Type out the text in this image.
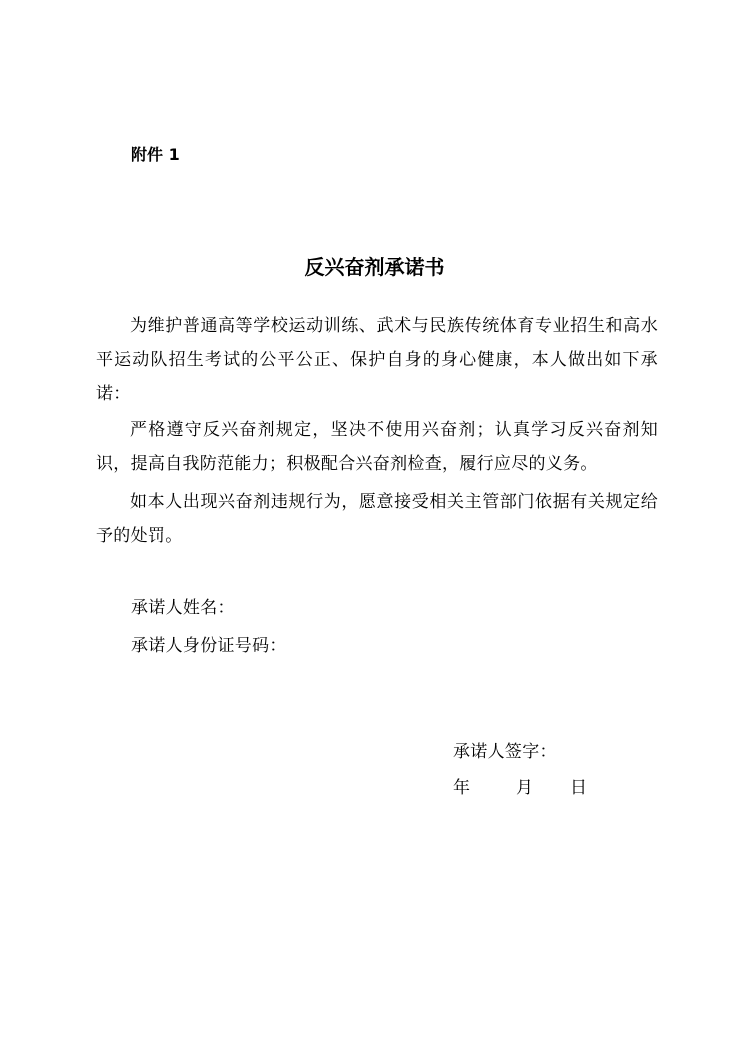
附件 1
反兴奋剂承诺书
为维护普通高等学校运动训练、武术与民族传统体育专业招生和高水平运动队招生考试的公平公正、保护自身的身心健康，本人做出如下承诺：
严格遵守反兴奋剂规定，坚决不使用兴奋剂；认真学习反兴奋剂知识，提高自我防范能力；积极配合兴奋剂检查，履行应尽的义务。
如本人出现兴奋剂违规行为，愿意接受相关主管部门依据有关规定给予的处罚。
承诺人姓名：
承诺人身份证号码：
承诺人签字：
年	月 日
